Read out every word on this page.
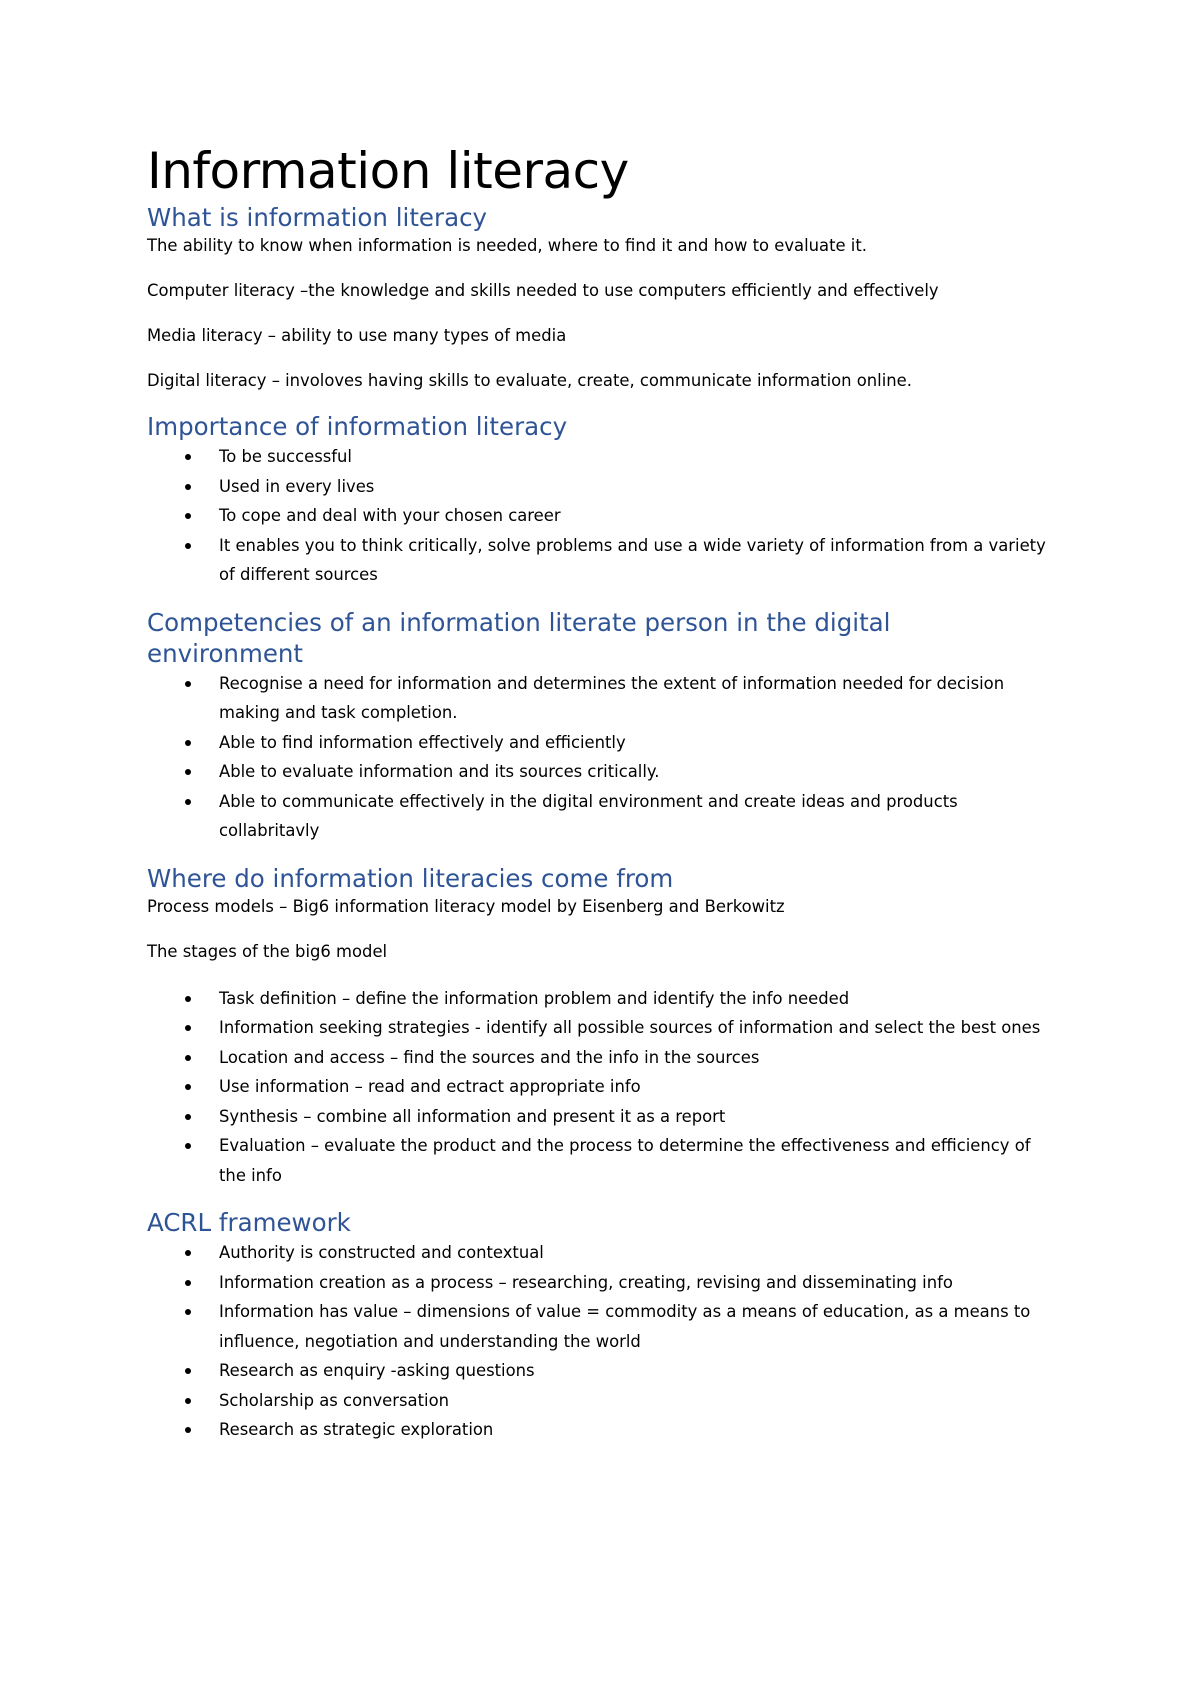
Information literacy
What is information literacy

The ability to know when information is needed, where to find it and how to evaluate it.

Computer literacy –the knowledge and skills needed to use computers efficiently and effectively

Media literacy – ability to use many types of media

Digital literacy – involoves having skills to evaluate, create, communicate information online.

Importance of information literacy
To be successful
Used in every lives
To cope and deal with your chosen career
It enables you to think critically, solve problems and use a wide variety of information from a variety of different sources
Competencies of an information literate person in the digital environment
Recognise a need for information and determines the extent of information needed for decision making and task completion.
Able to find information effectively and efficiently
Able to evaluate information and its sources critically.
Able to communicate effectively in the digital environment and create ideas and products collabritavly
Where do information literacies come from

Process models – Big6 information literacy model by Eisenberg and Berkowitz

The stages of the big6 model

Task definition – define the information problem and identify the info needed
Information seeking strategies - identify all possible sources of information and select the best ones
Location and access – find the sources and the info in the sources
Use information – read and ectract appropriate info
Synthesis – combine all information and present it as a report
Evaluation – evaluate the product and the process to determine the effectiveness and efficiency of the info
ACRL framework
Authority is constructed and contextual
Information creation as a process – researching, creating, revising and disseminating info
Information has value – dimensions of value = commodity as a means of education, as a means to influence, negotiation and understanding the world
Research as enquiry -asking questions
Scholarship as conversation
Research as strategic exploration
